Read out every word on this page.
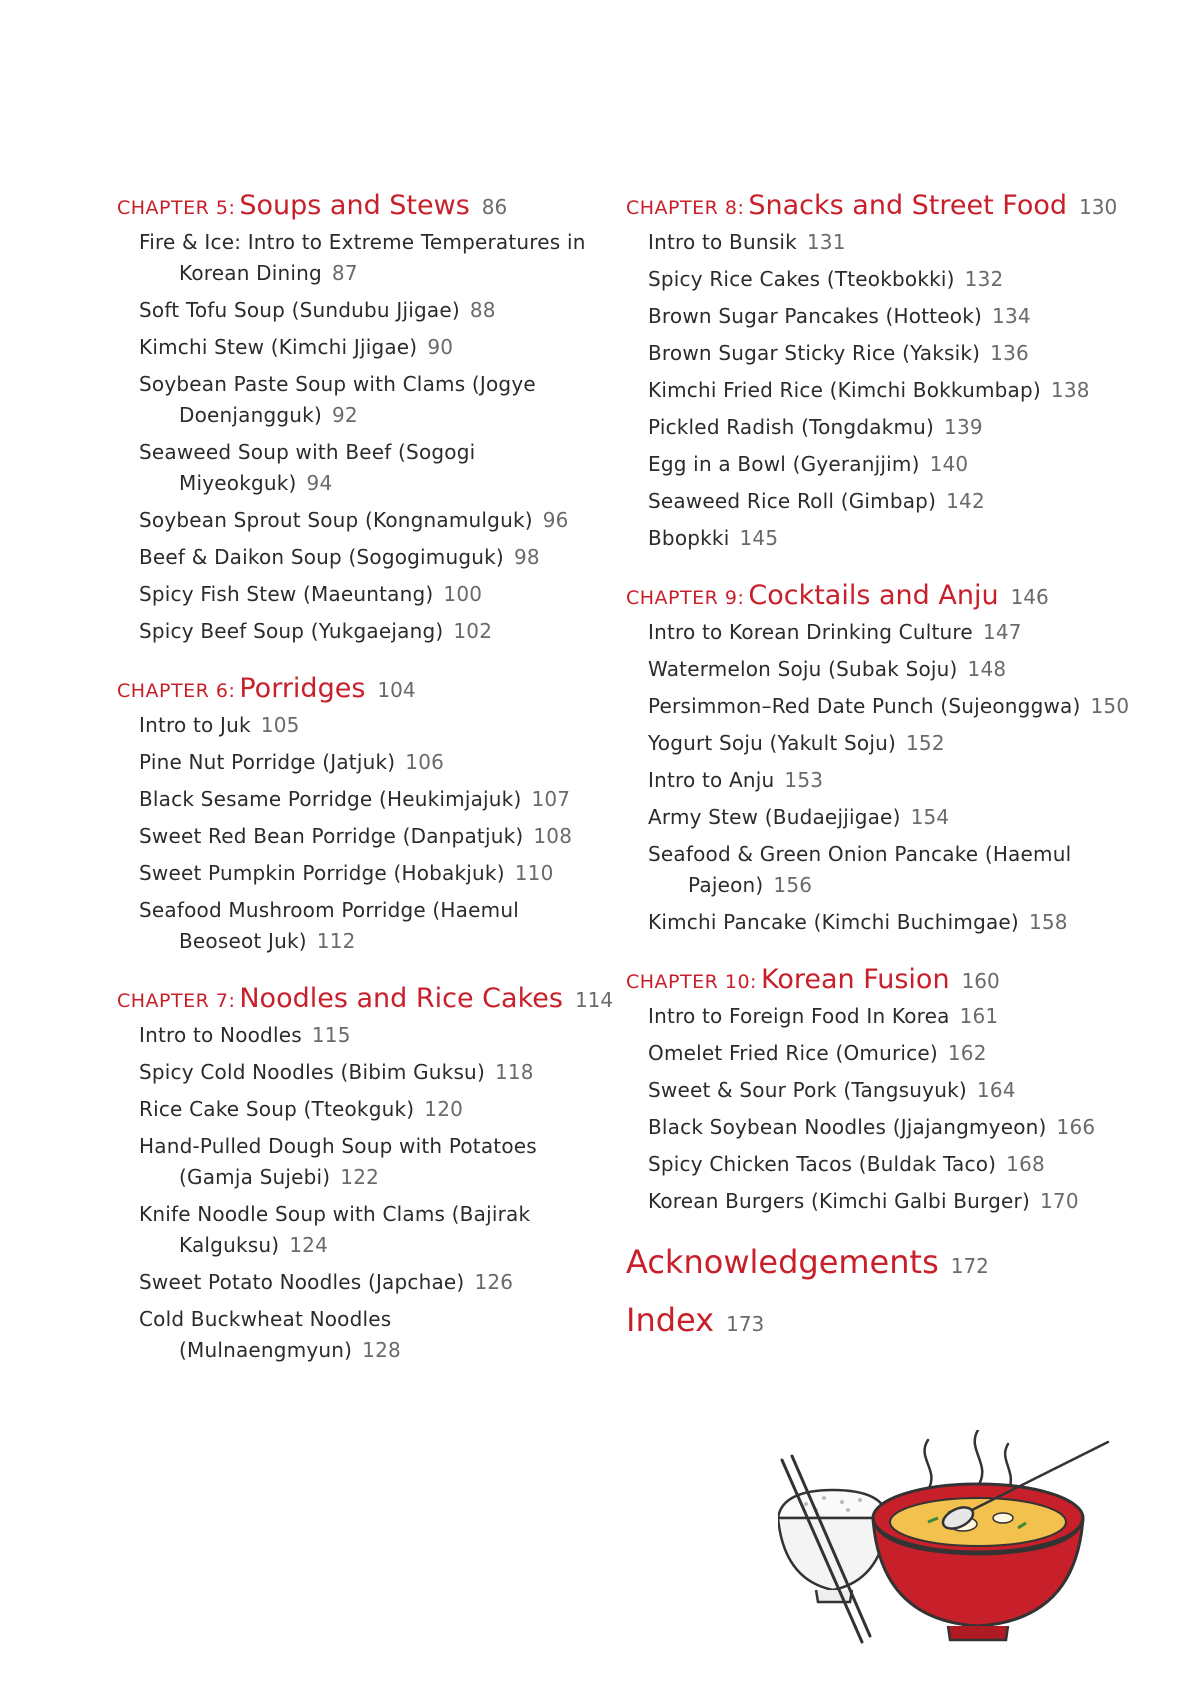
CHAPTER 5: Soups and Stews 86
Fire & Ice: Intro to Extreme Temperatures in Korean Dining 87
Soft Tofu Soup (Sundubu Jjigae) 88
Kimchi Stew (Kimchi Jjigae) 90
Soybean Paste Soup with Clams (Jogye Doenjangguk) 92
Seaweed Soup with Beef (Sogogi Miyeokguk) 94
Soybean Sprout Soup (Kongnamulguk) 96
Beef & Daikon Soup (Sogogimuguk) 98
Spicy Fish Stew (Maeuntang) 100
Spicy Beef Soup (Yukgaejang) 102
CHAPTER 6: Porridges 104
Intro to Juk 105
Pine Nut Porridge (Jatjuk) 106
Black Sesame Porridge (Heukimjajuk) 107
Sweet Red Bean Porridge (Danpatjuk) 108
Sweet Pumpkin Porridge (Hobakjuk) 110
Seafood Mushroom Porridge (Haemul Beoseot Juk) 112
CHAPTER 7: Noodles and Rice Cakes 114
Intro to Noodles 115
Spicy Cold Noodles (Bibim Guksu) 118
Rice Cake Soup (Tteokguk) 120
Hand-Pulled Dough Soup with Potatoes (Gamja Sujebi) 122
Knife Noodle Soup with Clams (Bajirak Kalguksu) 124
Sweet Potato Noodles (Japchae) 126
Cold Buckwheat Noodles (Mulnaengmyun) 128
CHAPTER 8: Snacks and Street Food 130
Intro to Bunsik 131
Spicy Rice Cakes (Tteokbokki) 132
Brown Sugar Pancakes (Hotteok) 134
Brown Sugar Sticky Rice (Yaksik) 136
Kimchi Fried Rice (Kimchi Bokkumbap) 138
Pickled Radish (Tongdakmu) 139
Egg in a Bowl (Gyeranjjim) 140
Seaweed Rice Roll (Gimbap) 142
Bbopkki 145
CHAPTER 9: Cocktails and Anju 146
Intro to Korean Drinking Culture 147
Watermelon Soju (Subak Soju) 148
Persimmon–Red Date Punch (Sujeonggwa) 150
Yogurt Soju (Yakult Soju) 152
Intro to Anju 153
Army Stew (Budaejjigae) 154
Seafood & Green Onion Pancake (Haemul Pajeon) 156
Kimchi Pancake (Kimchi Buchimgae) 158
CHAPTER 10: Korean Fusion 160
Intro to Foreign Food In Korea 161
Omelet Fried Rice (Omurice) 162
Sweet & Sour Pork (Tangsuyuk) 164
Black Soybean Noodles (Jjajangmyeon) 166
Spicy Chicken Tacos (Buldak Taco) 168
Korean Burgers (Kimchi Galbi Burger) 170
Acknowledgements 172
Index 173
